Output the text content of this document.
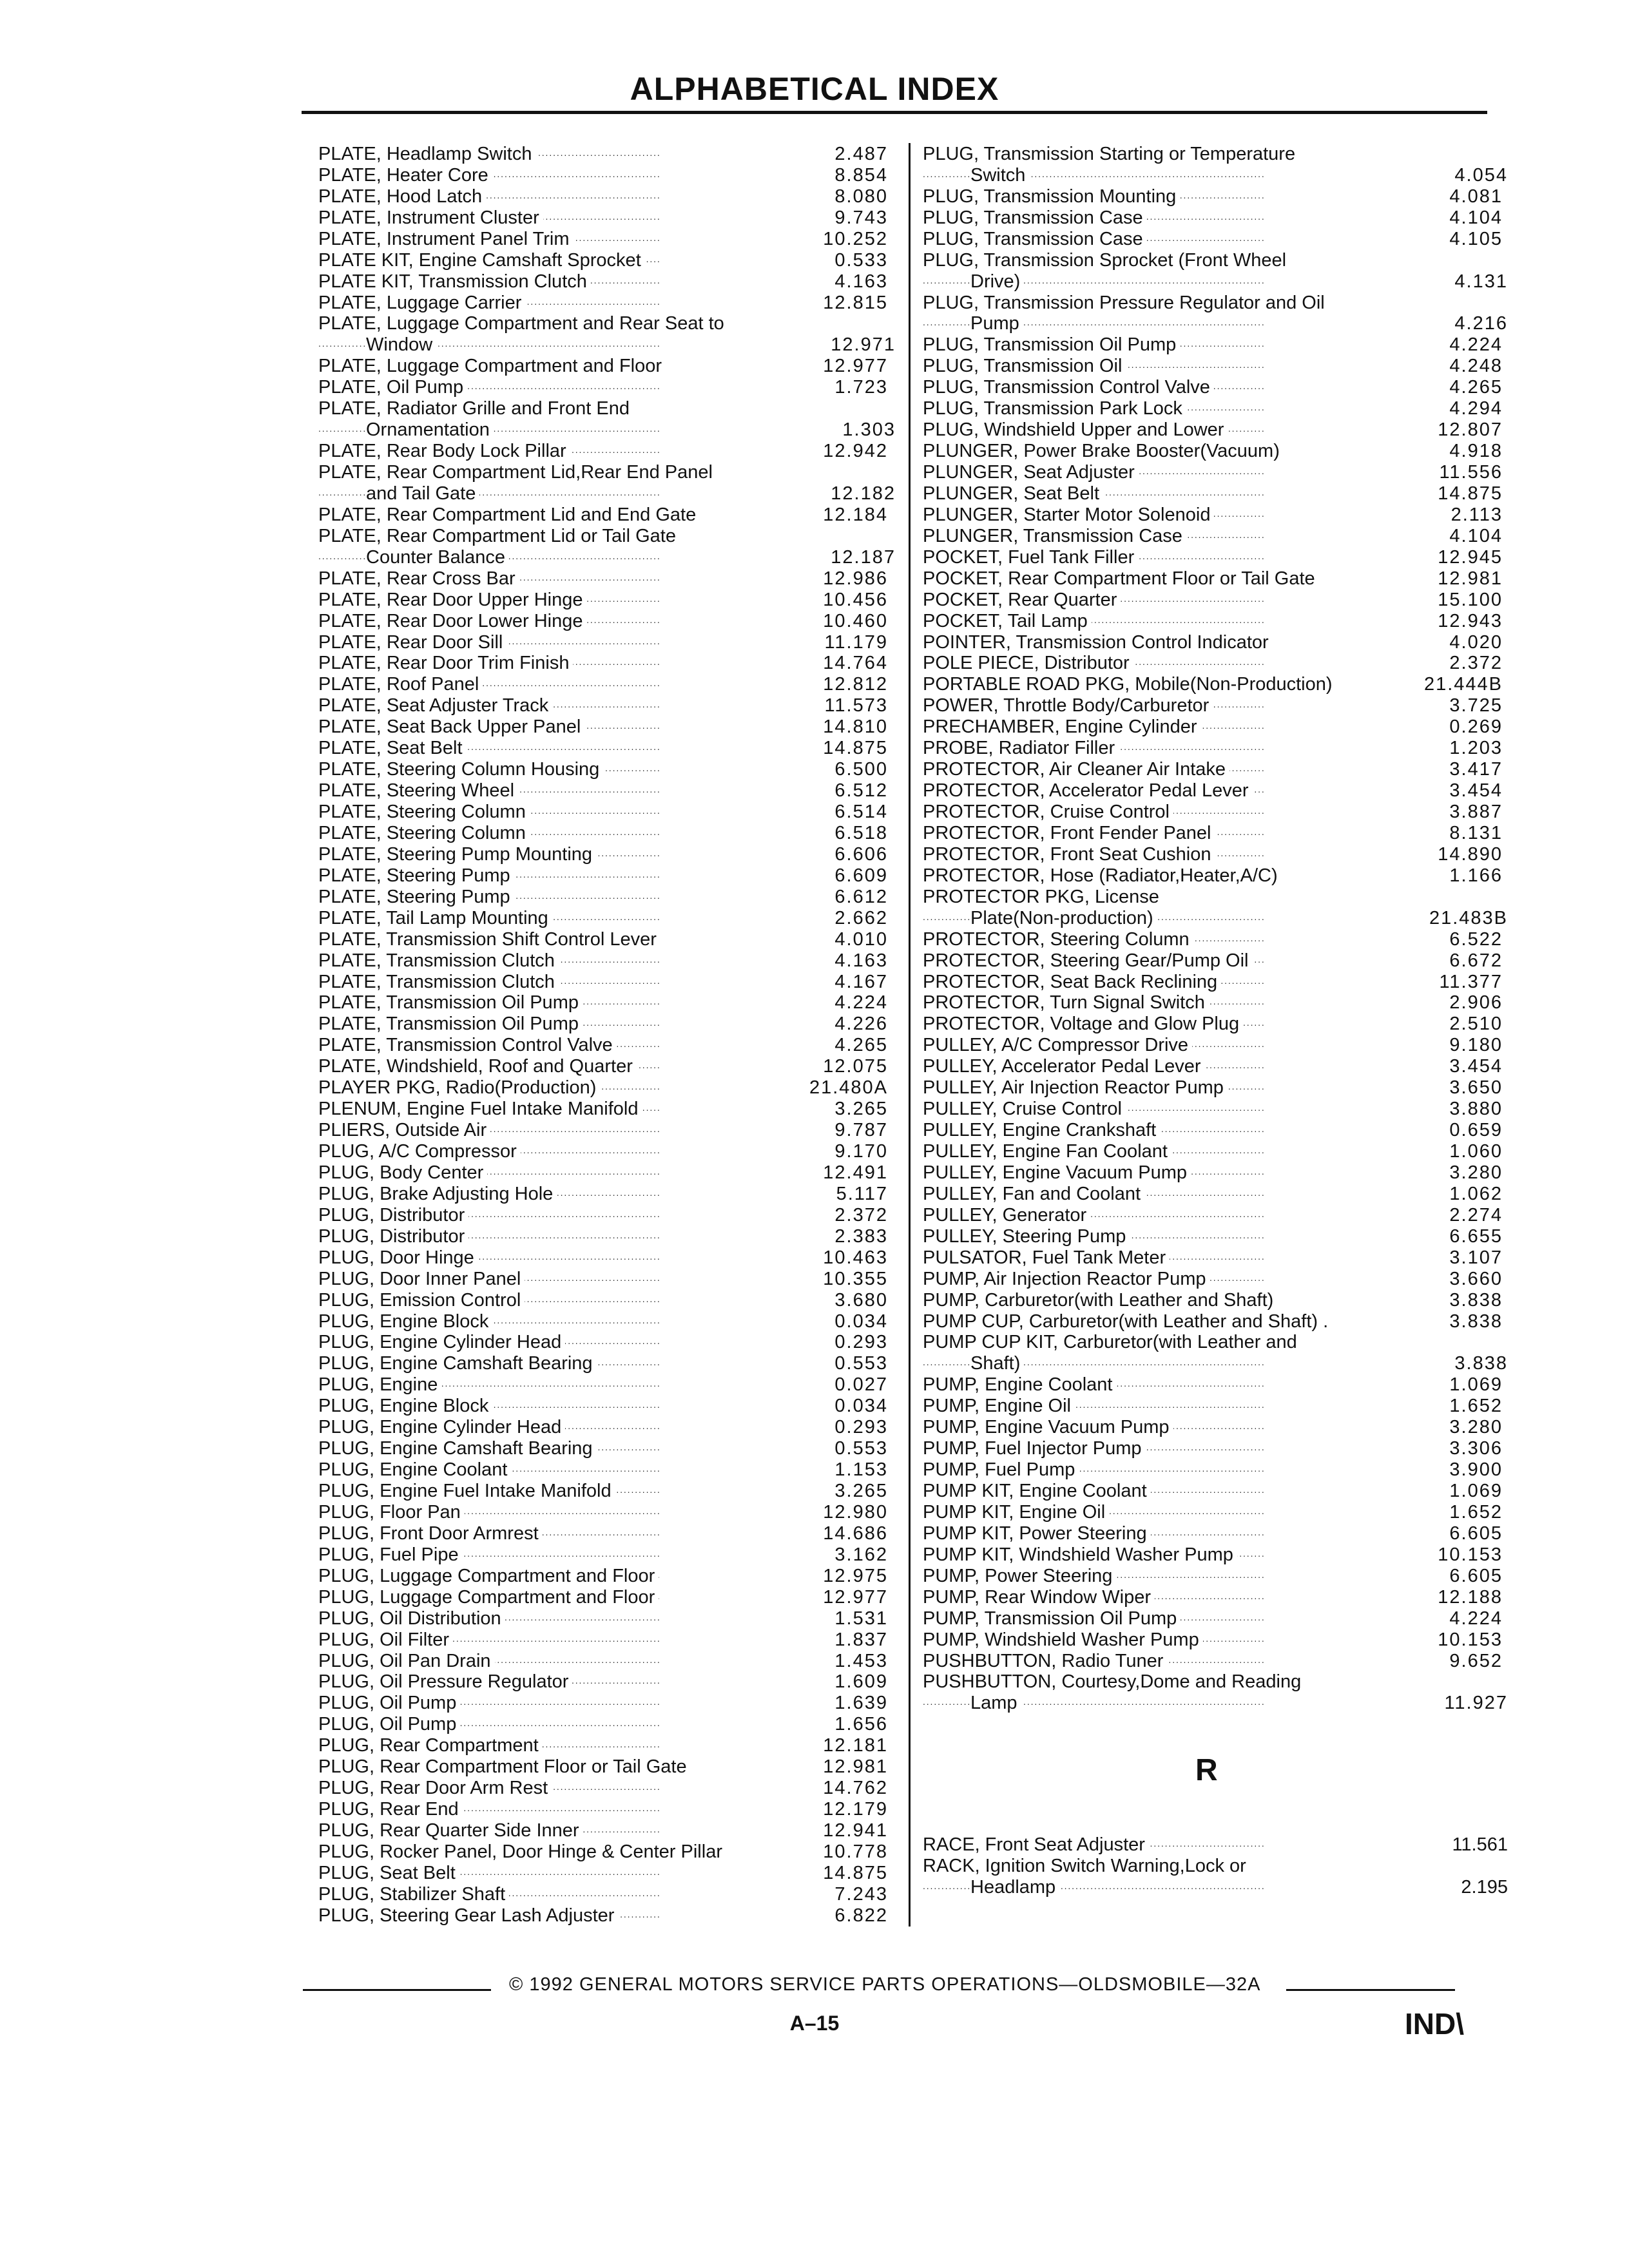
ALPHABETICAL INDEX
PLATE, Headlamp Switch . . .	2.487
PLATE, Heater Core . . .	8.854
PLATE, Hood Latch . . .	8.080
PLATE, Instrument Cluster . . .	9.743
PLATE, Instrument Panel Trim . . .	10.252
PLATE KIT, Engine Camshaft Sprocket . . .	0.533
PLATE KIT, Transmission Clutch . . .	4.163
PLATE, Luggage Carrier . . .	12.815
PLATE, Luggage Compartment and Rear Seat to
Window . . .	12.971
PLATE, Luggage Compartment and Floor . . .	12.977
PLATE, Oil Pump . . .	1.723
PLATE, Radiator Grille and Front End
Ornamentation . . .	1.303
PLATE, Rear Body Lock Pillar . . .	12.942
PLATE, Rear Compartment Lid,Rear End Panel
and Tail Gate . . .	12.182
PLATE, Rear Compartment Lid and End Gate . . .	12.184
PLATE, Rear Compartment Lid or Tail Gate
Counter Balance . . .	12.187
PLATE, Rear Cross Bar . . .	12.986
PLATE, Rear Door Upper Hinge . . .	10.456
PLATE, Rear Door Lower Hinge . . .	10.460
PLATE, Rear Door Sill . . .	11.179
PLATE, Rear Door Trim Finish . . .	14.764
PLATE, Roof Panel . . .	12.812
PLATE, Seat Adjuster Track . . .	11.573
PLATE, Seat Back Upper Panel . . .	14.810
PLATE, Seat Belt . . .	14.875
PLATE, Steering Column Housing . . .	6.500
PLATE, Steering Wheel . . .	6.512
PLATE, Steering Column . . .	6.514
PLATE, Steering Column . . .	6.518
PLATE, Steering Pump Mounting . . .	6.606
PLATE, Steering Pump . . .	6.609
PLATE, Steering Pump . . .	6.612
PLATE, Tail Lamp Mounting . . .	2.662
PLATE, Transmission Shift Control Lever . . .	4.010
PLATE, Transmission Clutch . . .	4.163
PLATE, Transmission Clutch . . .	4.167
PLATE, Transmission Oil Pump . . .	4.224
PLATE, Transmission Oil Pump . . .	4.226
PLATE, Transmission Control Valve . . .	4.265
PLATE, Windshield, Roof and Quarter . . .	12.075
PLAYER PKG, Radio(Production) . . .	21.480A
PLENUM, Engine Fuel Intake Manifold . . .	3.265
PLIERS, Outside Air . . .	9.787
PLUG, A/C Compressor . . .	9.170
PLUG, Body Center . . .	12.491
PLUG, Brake Adjusting Hole . . .	5.117
PLUG, Distributor . . .	2.372
PLUG, Distributor . . .	2.383
PLUG, Door Hinge . . .	10.463
PLUG, Door Inner Panel . . .	10.355
PLUG, Emission Control . . .	3.680
PLUG, Engine Block . . .	0.034
PLUG, Engine Cylinder Head . . .	0.293
PLUG, Engine Camshaft Bearing . . .	0.553
PLUG, Engine . . .	0.027
PLUG, Engine Block . . .	0.034
PLUG, Engine Cylinder Head . . .	0.293
PLUG, Engine Camshaft Bearing . . .	0.553
PLUG, Engine Coolant . . .	1.153
PLUG, Engine Fuel Intake Manifold . . .	3.265
PLUG, Floor Pan . . .	12.980
PLUG, Front Door Armrest . . .	14.686
PLUG, Fuel Pipe . . .	3.162
PLUG, Luggage Compartment and Floor . . .	12.975
PLUG, Luggage Compartment and Floor . . .	12.977
PLUG, Oil Distribution . . .	1.531
PLUG, Oil Filter . . .	1.837
PLUG, Oil Pan Drain . . .	1.453
PLUG, Oil Pressure Regulator . . .	1.609
PLUG, Oil Pump . . .	1.639
PLUG, Oil Pump . . .	1.656
PLUG, Rear Compartment . . .	12.181
PLUG, Rear Compartment Floor or Tail Gate . . .	12.981
PLUG, Rear Door Arm Rest . . .	14.762
PLUG, Rear End . . .	12.179
PLUG, Rear Quarter Side Inner . . .	12.941
PLUG, Rocker Panel, Door Hinge & Center Pillar . . .	10.778
PLUG, Seat Belt . . .	14.875
PLUG, Stabilizer Shaft . . .	7.243
PLUG, Steering Gear Lash Adjuster . . .	6.822
PLUG, Transmission Starting or Temperature
Switch . . .	4.054
PLUG, Transmission Mounting . . .	4.081
PLUG, Transmission Case . . .	4.104
PLUG, Transmission Case . . .	4.105
PLUG, Transmission Sprocket (Front Wheel
Drive) . . .	4.131
PLUG, Transmission Pressure Regulator and Oil
Pump . . .	4.216
PLUG, Transmission Oil Pump . . .	4.224
PLUG, Transmission Oil . . .	4.248
PLUG, Transmission Control Valve . . .	4.265
PLUG, Transmission Park Lock . . .	4.294
PLUG, Windshield Upper and Lower . . .	12.807
PLUNGER, Power Brake Booster(Vacuum) . . .	4.918
PLUNGER, Seat Adjuster . . .	11.556
PLUNGER, Seat Belt . . .	14.875
PLUNGER, Starter Motor Solenoid . . .	2.113
PLUNGER, Transmission Case . . .	4.104
POCKET, Fuel Tank Filler . . .	12.945
POCKET, Rear Compartment Floor or Tail Gate . . .	12.981
POCKET, Rear Quarter . . .	15.100
POCKET, Tail Lamp . . .	12.943
POINTER, Transmission Control Indicator . . .	4.020
POLE PIECE, Distributor . . .	2.372
PORTABLE ROAD PKG, Mobile(Non-Production) . . .	21.444B
POWER, Throttle Body/Carburetor . . .	3.725
PRECHAMBER, Engine Cylinder . . .	0.269
PROBE, Radiator Filler . . .	1.203
PROTECTOR, Air Cleaner Air Intake . . .	3.417
PROTECTOR, Accelerator Pedal Lever . . .	3.454
PROTECTOR, Cruise Control . . .	3.887
PROTECTOR, Front Fender Panel . . .	8.131
PROTECTOR, Front Seat Cushion . . .	14.890
PROTECTOR, Hose (Radiator,Heater,A/C) . . .	1.166
PROTECTOR PKG, License
Plate(Non-production) . . .	21.483B
PROTECTOR, Steering Column . . .	6.522
PROTECTOR, Steering Gear/Pump Oil . . .	6.672
PROTECTOR, Seat Back Reclining . . .	11.377
PROTECTOR, Turn Signal Switch . . .	2.906
PROTECTOR, Voltage and Glow Plug . . .	2.510
PULLEY, A/C Compressor Drive . . .	9.180
PULLEY, Accelerator Pedal Lever . . .	3.454
PULLEY, Air Injection Reactor Pump . . .	3.650
PULLEY, Cruise Control . . .	3.880
PULLEY, Engine Crankshaft . . .	0.659
PULLEY, Engine Fan Coolant . . .	1.060
PULLEY, Engine Vacuum Pump . . .	3.280
PULLEY, Fan and Coolant . . .	1.062
PULLEY, Generator . . .	2.274
PULLEY, Steering Pump . . .	6.655
PULSATOR, Fuel Tank Meter . . .	3.107
PUMP, Air Injection Reactor Pump . . .	3.660
PUMP, Carburetor(with Leather and Shaft) . . .	3.838
PUMP CUP, Carburetor(with Leather and Shaft) . . . .	3.838
PUMP CUP KIT, Carburetor(with Leather and
Shaft) . . .	3.838
PUMP, Engine Coolant . . .	1.069
PUMP, Engine Oil . . .	1.652
PUMP, Engine Vacuum Pump . . .	3.280
PUMP, Fuel Injector Pump . . .	3.306
PUMP, Fuel Pump . . .	3.900
PUMP KIT, Engine Coolant . . .	1.069
PUMP KIT, Engine Oil . . .	1.652
PUMP KIT, Power Steering . . .	6.605
PUMP KIT, Windshield Washer Pump . . .	10.153
PUMP, Power Steering . . .	6.605
PUMP, Rear Window Wiper . . .	12.188
PUMP, Transmission Oil Pump . . .	4.224
PUMP, Windshield Washer Pump . . .	10.153
PUSHBUTTON, Radio Tuner . . .	9.652
PUSHBUTTON, Courtesy,Dome and Reading
Lamp . . .	11.927
R
RACE, Front Seat Adjuster . . .	11.561
RACK, Ignition Switch Warning,Lock or
Headlamp . . .	2.195
© 1992 GENERAL MOTORS SERVICE PARTS OPERATIONS—OLDSMOBILE—32A
A–15	IND\
